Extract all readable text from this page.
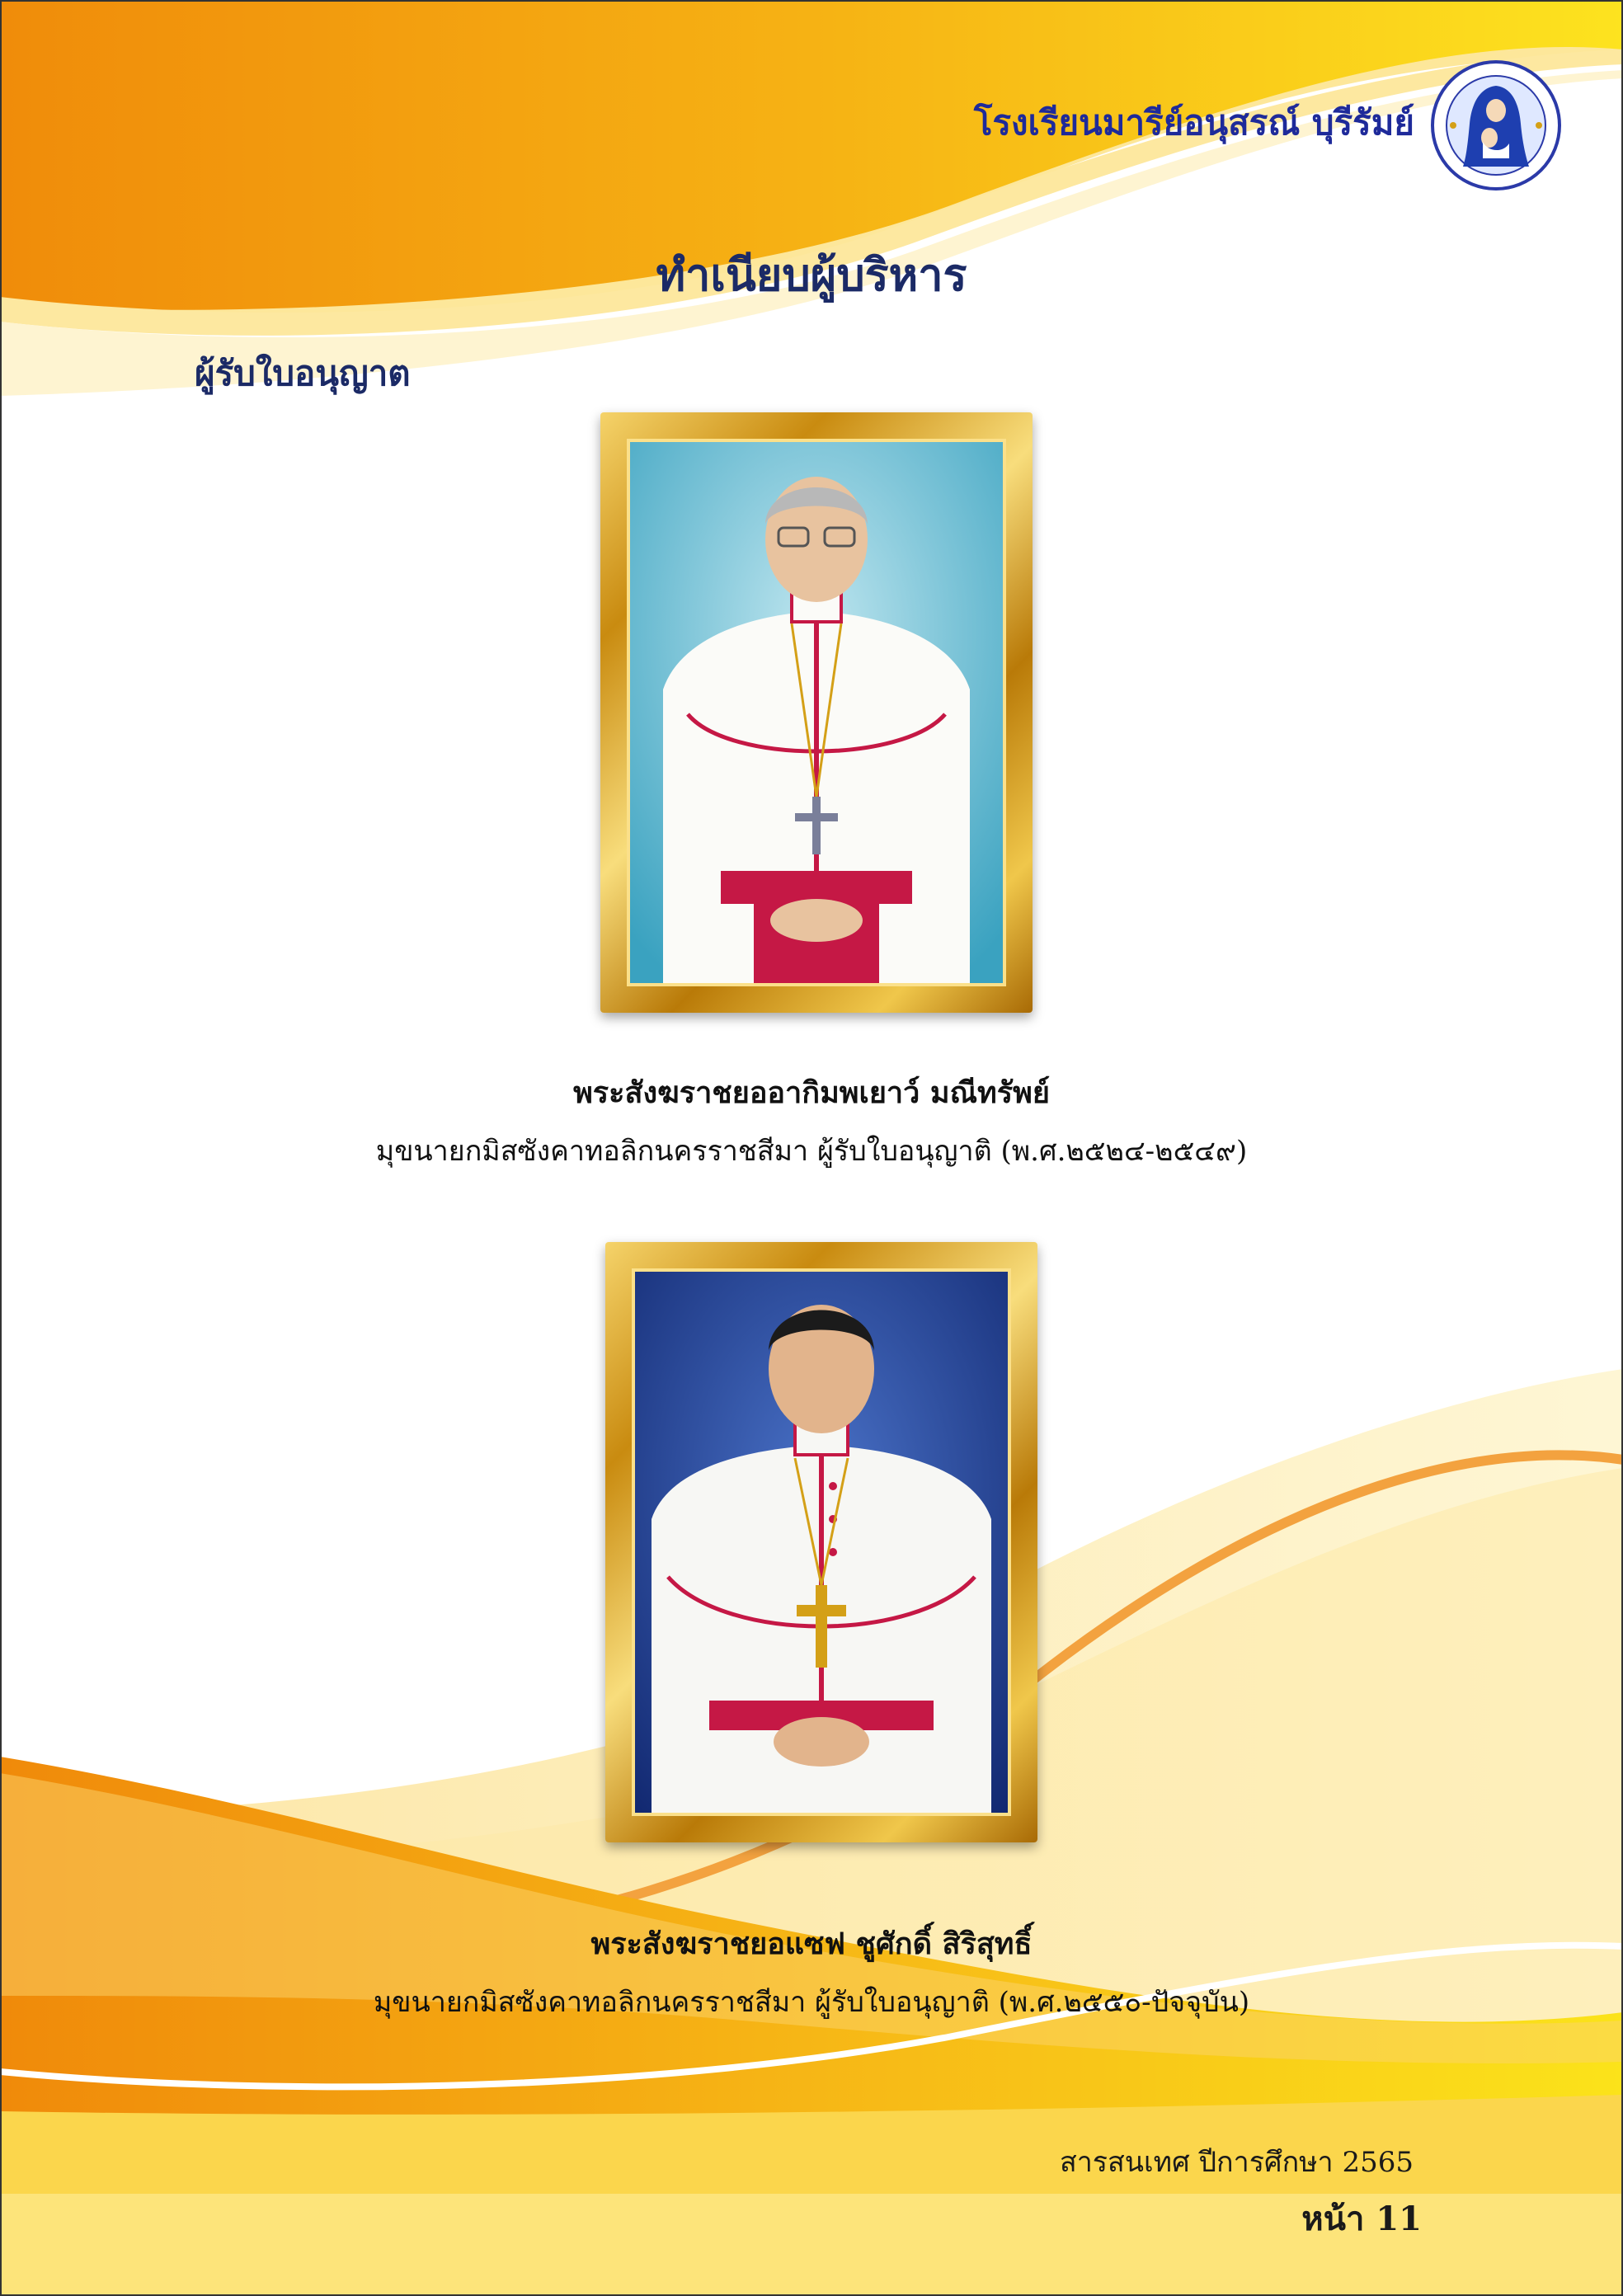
โรงเรียนมารีย์อนุสรณ์ บุรีรัมย์
ทำเนียบผู้บริหาร
ผู้รับใบอนุญาต
พระสังฆราชยออากิมพเยาว์ มณีทรัพย์
มุขนายกมิสซังคาทอลิกนครราชสีมา ผู้รับใบอนุญาติ (พ.ศ.๒๕๒๔-๒๕๔๙)
พระสังฆราชยอแซฟ ชูศักดิ์ สิริสุทธิ์
มุขนายกมิสซังคาทอลิกนครราชสีมา ผู้รับใบอนุญาติ (พ.ศ.๒๕๕๐-ปัจจุบัน)
สารสนเทศ ปีการศึกษา 2565
หน้า 11
